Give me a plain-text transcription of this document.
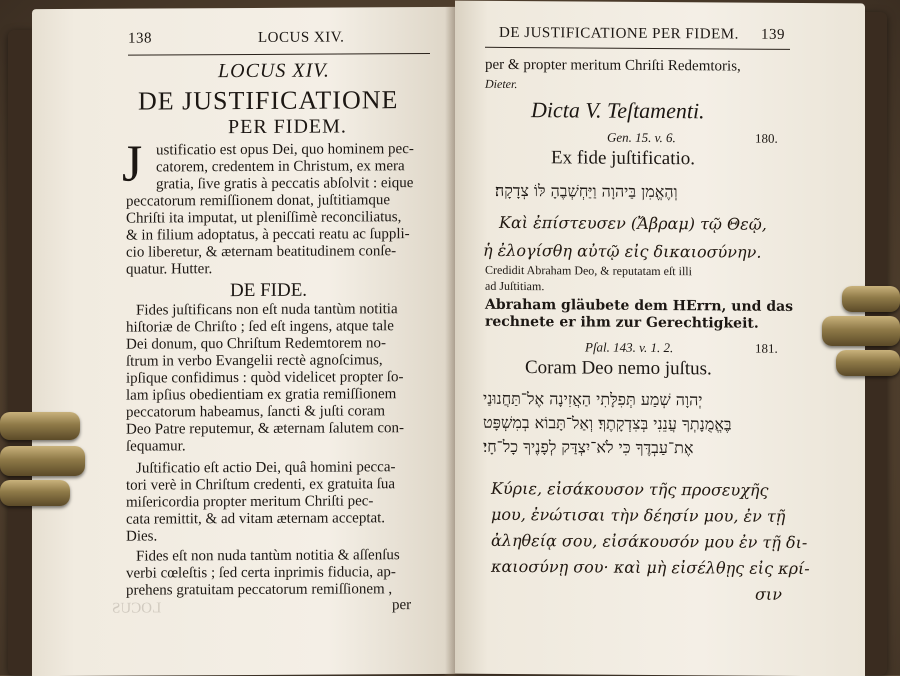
138	LOCUS XIV.
LOCUS XIV.
DE JUSTIFICATIONE
PER FIDEM.
J ustificatio est opus Dei, quo hominem pec-
catorem, credentem in Christum, ex mera
gratia, ſive gratis à peccatis abſolvit : eique
peccatorum remiſſionem donat, juſtitiamque
Chriſti ita imputat, ut pleniſſimè reconciliatus,
& in filium adoptatus, à peccati reatu ac ſuppli-
cio liberetur, & æternam beatitudinem conſe-
quatur. Hutter.
DE FIDE.
Fides juſtificans non eſt nuda tantùm notitia
hiſtoriæ de Chriſto ; ſed eſt ingens, atque tale
Dei donum, quo Chriſtum Redemtorem no-
ſtrum in verbo Evangelii rectè agnoſcimus,
ipſique confidimus : quòd videlicet propter ſo-
lam ipſius obedientiam ex gratia remiſſionem
peccatorum habeamus, ſancti & juſti coram
Deo Patre reputemur, & æternam ſalutem con-
ſequamur.
Juſtificatio eſt actio Dei, quâ homini pecca-
tori verè in Chriſtum credenti, ex gratuita ſua
miſericordia propter meritum Chriſti pec-
cata remittit, & ad vitam æternam acceptat.
Dies.
Fides eſt non nuda tantùm notitia & aſſenſus
verbi cœleſtis ; ſed certa inprimis fiducia, ap-
prehens gratuitam peccatorum remiſſionem ,
per
LOCUS
DE JUSTIFICATIONE PER FIDEM. 139
per & propter meritum Chriſti Redemtoris,
Dieter.
Dicta V. Teſtamenti.
Gen. 15. v. 6.	180.
Ex fide juſtificatio.
וְהֶאֱמִן בַּיהוָה וַיַּחְשְׁבֶהָ לּוֹ צְדָקָה׃
Καὶ ἐπίστευσεν (Ἄβραμ) τῷ Θεῷ,
ἡ ἐλογίσθη αὐτῷ εἰς δικαιοσύνην.
Credidit Abraham Deo, & reputatam eſt illi
ad Juſtitiam.
Abraham gläubete dem HErrn, und das
rechnete er ihm zur Gerechtigkeit.
Pſal. 143. v. 1. 2.	181.
Coram Deo nemo juſtus.
יְהוָה שְׁמַע תְּפִלָּתִי הַאֲזִינָה אֶל־תַּחֲנוּנַי
בֶּאֱמֻנָתְךָ עֲנֵנִי בְּצִדְקָתֶךָ׃ וְאַל־תָּבוֹא בְמִשְׁפָּט
אֶת־עַבְדֶּךָ כִּי לֹא־יִצְדַּק לְפָנֶיךָ כָל־חָי׃
Κύριε, εἰσάκουσον τῆς προσευχῆς
μου, ἐνώτισαι τὴν δέησίν μου, ἐν τῇ
ἀληθείᾳ σου, εἰσάκουσόν μου ἐν τῇ δι-
καιοσύνῃ σου· καὶ μὴ εἰσέλθῃς εἰς κρί-
σιν
